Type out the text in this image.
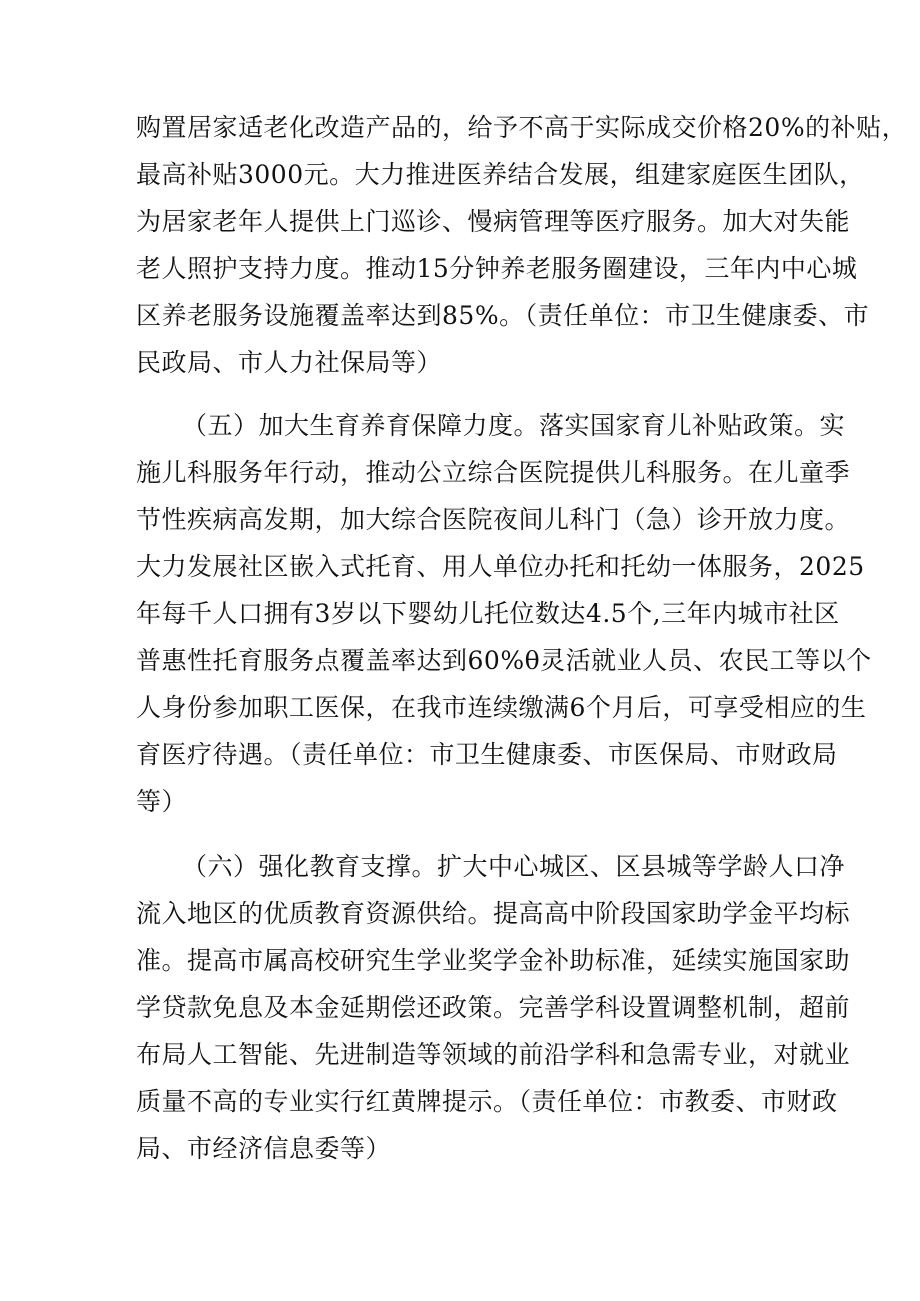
购置居家适老化改造产品的，给予不高于实际成交价格20%的补贴，
最高补贴3000元。大力推进医养结合发展，组建家庭医生团队，
为居家老年人提供上门巡诊、慢病管理等医疗服务。加大对失能
老人照护支持力度。推动15分钟养老服务圈建设，三年内中心城
区养老服务设施覆盖率达到85%。（责任单位：市卫生健康委、市
民政局、市人力社保局等）
（五）加大生育养育保障力度。落实国家育儿补贴政策。实
施儿科服务年行动，推动公立综合医院提供儿科服务。在儿童季
节性疾病高发期，加大综合医院夜间儿科门（急）诊开放力度。
大力发展社区嵌入式托育、用人单位办托和托幼一体服务，2025
年每千人口拥有3岁以下婴幼儿托位数达4.5个,三年内城市社区
普惠性托育服务点覆盖率达到60%θ灵活就业人员、农民工等以个
人身份参加职工医保，在我市连续缴满6个月后，可享受相应的生
育医疗待遇。（责任单位：市卫生健康委、市医保局、市财政局
等）
（六）强化教育支撑。扩大中心城区、区县城等学龄人口净
流入地区的优质教育资源供给。提高高中阶段国家助学金平均标
准。提高市属高校研究生学业奖学金补助标准，延续实施国家助
学贷款免息及本金延期偿还政策。完善学科设置调整机制，超前
布局人工智能、先进制造等领域的前沿学科和急需专业，对就业
质量不高的专业实行红黄牌提示。（责任单位：市教委、市财政
局、市经济信息委等）
